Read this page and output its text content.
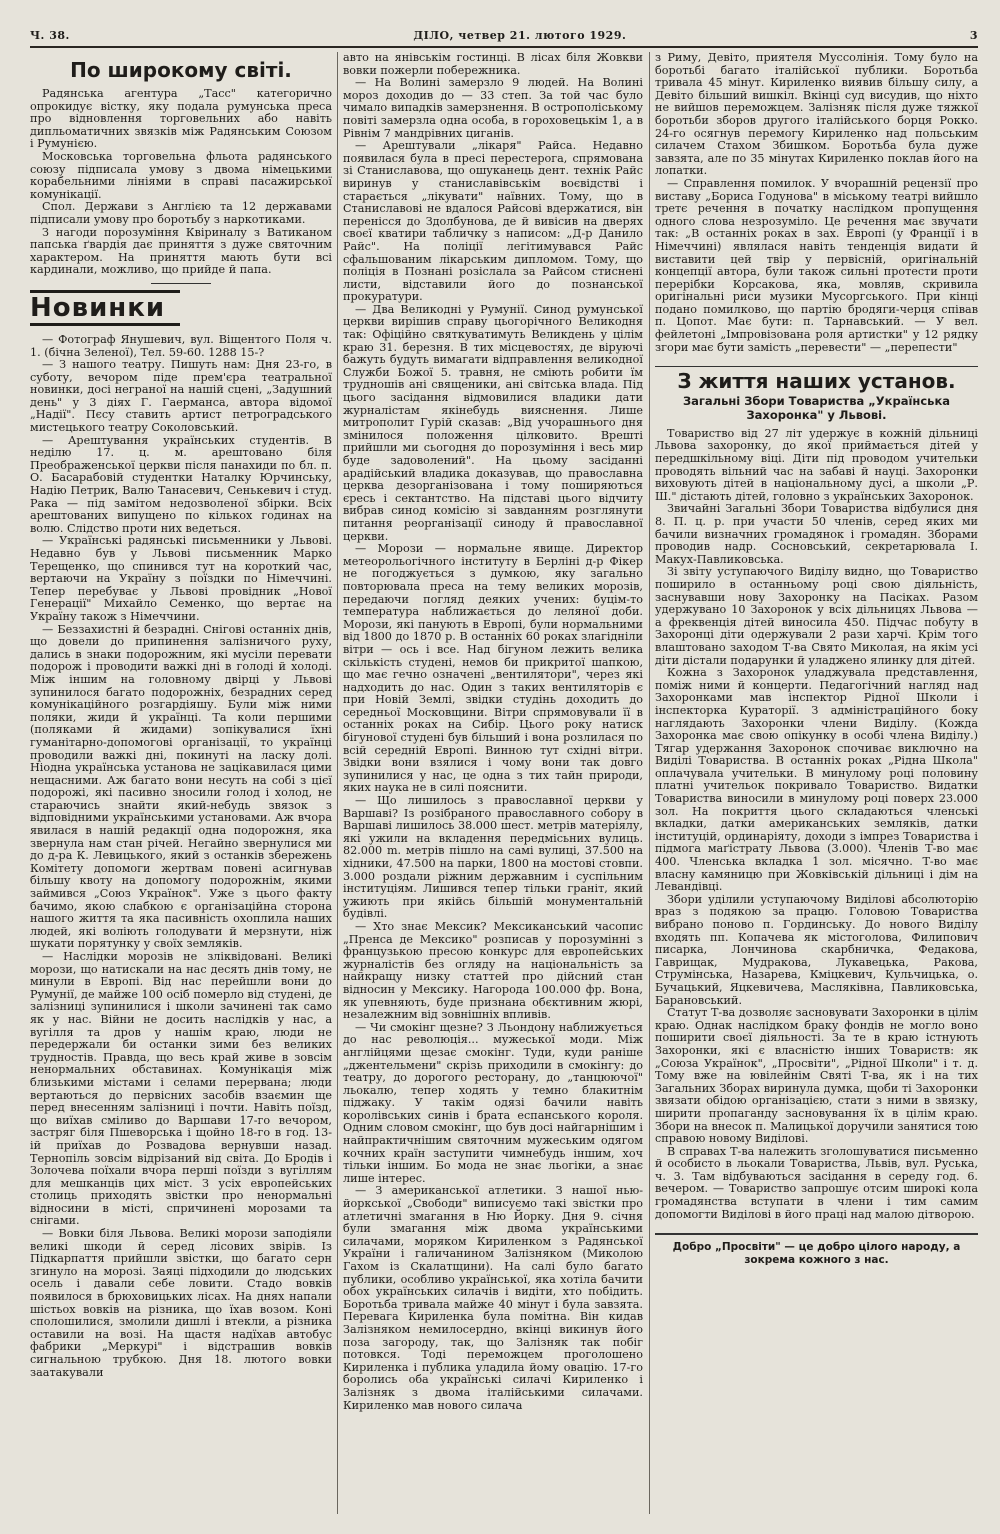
Ч. 38.	ДІЛО, четвер 21. лютого 1929.	3
По широкому світі.

Радянська агентура „Тасс" категорично опрокидує вістку, яку подала румунська преса про відновлення торговельних або навіть дипльоматичних звязків між Радянським Союзом і Румунією.

Московська торговельна фльота радянського союзу підписала умову з двома німецькими корабельними лініями в справі пасажирської комунікації.

Спол. Держави з Англією та 12 державами підписали умову про боротьбу з наркотиками.

З нагоди порозуміння Квіриналу з Ватиканом папська ґвардія дає приняття з дуже святочним характером. На приняття мають бути всі кардинали, можливо, що прийде й папа.

Новинки

— Фотограф Янушевич, вул. Віщентого Поля ч. 1. (бічна Зеленої), Тел. 59-60. 1288 15-?

— З нашого театру. Пишуть нам: Дня 23-го, в суботу, вечором піде прем'єра театральної новинки, досі неграної на нашій сцені, „Задушний день" у 3 діях Г. Гаерманса, автора відомої „Надії". Пєсу ставить артист петроградського мистецького театру Соколовський.

— Арештування українських студентів. В неділю 17. ц. м. арештовано біля Преображенської церкви після панахиди по бл. п. О. Басарабовій студентки Наталку Юрчинську, Надію Петрик, Валю Танасевич, Сенькевич і студ. Рака — під замітом недозволеної збірки. Всіх арештованих випущено по кількох годинах на волю. Слідство проти них ведеться.

— Українські радянські письменники у Львові. Недавно був у Львові письменник Марко Терещенко, що спинився тут на короткий час, вертаючи на Україну з поїздки по Німеччині. Тепер перебуває у Львові провідник „Нової Генерації" Михайло Семенко, що вертає на Україну також з Німеччини.

— Беззахистні й безрадні. Снігові останніх днів, що довели до припинення залізничого руху, дались в знаки подорожним, які мусіли перевати подорож і проводити важкі дні в голоді й холоді. Між іншим на головному двірці у Львові зупинилося багато подорожніх, безрадних серед комунікаційного розгардіяшу. Були між ними поляки, жиди й українці. Та коли першими (поляками й жидами) зопікувалися їхні гуманітарно-допомогові організації, то українці проводили важкі дні, покинуті на ласку долі. Ніодна українська установа не зацікавилася цими нещасними. Аж багато вони несуть на собі з цієї подорожі, які пасивно зносили голод і холод, не стараючись знайти який-небудь звязок з відповідними українськими установами. Аж вчора явилася в нашій редакції одна подорожня, яка звернула нам стан річей. Негайно звернулися ми до д-ра К. Левицького, який з останків збережень Комітету допомоги жертвам повені асигнував більшу квоту на допомогу подорожнім, якими займився „Союз Українок". Уже з цього факту бачимо, якою слабкою є організаційна сторона нашого життя та яка пасивність охоплила наших людей, які воліють голодувати й мерзнути, ніж шукати порятунку у своїх земляків.

— Наслідки морозів не зліквідовані. Великі морози, що натискали на нас десять днів тому, не минули в Европі. Від нас перейшли вони до Румунії, де майже 100 осіб померло від студені, де залізниці зупинилися і школи зачинені так само як у нас. Війни не досить наслідків у нас, а вугілля та дров у нашім краю, люди не передержали би останки зими без великих трудностів. Правда, що весь край живе в зовсім ненормальних обставинах. Комунікація між близькими містами і селами перервана; люди вертаються до первісних засобів взаємин ще перед внесенням залізниці і почти. Навіть поїзд, що виїхав сміливо до Варшави 17-го вечором, застряг біля Пшеворська і щойно 18-го в год. 13-ій приїхав до Розвадова вернувши назад. Тернопіль зовсім відрізаний від світа. До Бродів і Золочева поїхали вчора перші поїзди з вугіллям для мешканців цих міст. З усіх европейських столиць приходять звістки про ненормальні відносини в місті, спричинені морозами та снігами.

— Вовки біля Львова. Великі морози заподіяли великі шкоди й серед лісових звірів. Із Підкарпаття прийшли звістки, що багато серн згинуло на морозі. Заяці підходили до людських осель і давали себе ловити. Стадо вовків появилося в брюховицьких лісах. На днях напали шістьох вовків на різника, що їхав возом. Коні сполошилися, змолили дишлі і втекли, а різника оставили на возі. На щастя надїхав автобус фабрики „Меркурі" і відстрашив вовків сигнальною трубкою. Дня 18. лютого вовки заатакували

авто на янівськім гостинці. В лісах біля Жовкви вовки пожерли побережника.

— На Волині замерзло 9 людей. На Волині мороз доходив до — 33 степ. За той час було чимало випадків замерзнення. В острополіському повіті замерзла одна особа, в гороховецькім 1, а в Рівнім 7 мандрівних циганів.

— Арештували „лікаря" Райса. Недавно появилася була в пресі перестерога, спрямована зі Станиславова, що ошуканець дент. технік Райс виринув у станиславівськім воєвідстві і старається „лікувати" наївних. Тому, що в Станиславові не вдалося Райсові вдержатися, він перенісся до Здолбунова, де й вивісив на дверях своєї кватири табличку з написом: „Д-р Данило Райс". На поліції легітимувався Райс сфальшованим лікарським дипломом. Тому, що поліція в Познані розіслала за Райсом стиснені листи, відставили його до познанської прокуратури.

— Два Великодні у Румунії. Синод румунської церкви вирішив справу цьогорічного Великодня так: Офіційно святкуватимуть Великдень у цілім краю 31. березня. В тих місцевостях, де віруючі бажуть будуть вимагати відправлення великодної Служби Божої 5. травня, не сміють робити їм трудношів ані священики, ані світська влада. Під цього засідання відмовилися владики дати журналістам якінебудь вияснення. Лише митрополит Гурій сказав: „Від учорашнього дня змінилося положення цілковито. Врешті прийшли ми сьогодня до порозуміння і весь мир буде задоволений". На цьому засіданні арадійський владика доказував, що православна церква дезорганізована і тому поширяються єресь і сектантство. На підставі цього відчиту вибрав синод комісію зі завданням розглянути питання реорганізації синоду й православної церкви.

— Морози — нормальне явище. Директор метеорольогічного інституту в Берліні д-р Фікер не погоджується з думкою, яку загально повторювала преса на тему великих морозів, передаючи погляд деяких учених: буцім-то температура наближається до леляної доби. Морози, які панують в Европі, були нормальними від 1800 до 1870 р. В останніх 60 роках злагідніли вітри — ось і все. Над бігуном лежить велика скількість студені, немов би прикритої шапкою, що має гечно означені „вентилятори", через які надходить до нас. Один з таких вентиляторів є при Новій Землі, звідки студінь доходить до середньої Московщини. Вітри спрямовували її в останніх роках на Сибір. Цього року натиск бігунової студені був більший і вона розлилася по всій середній Европі. Винною тут східні вітри. Звідки вони взялися і чому вони так довго зупинилися у нас, це одна з тих тайн природи, яких наука не в силі пояснити.

— Що лишилось з православної церкви у Варшаві? Із розібраного православного собору в Варшаві лишилось 38.000 шест. метрів матеріялу, які ужили на вкладення передмісьних вулиць. 82.000 m. метрів пішло на самі вулиці, 37.500 на хідники, 47.500 на парки, 1800 на мостові стовпи. 3.000 роздали ріжним державним і суспільним інституціям. Лишився тепер тільки граніт, який ужиють при якійсь більшій монументальній будівлі.

— Хто знає Мексик? Мексиканський часопис „Пренса де Мексико" розписав у порозумінні з французькою пресою конкурс для европейських журналістів без огляду на національність за найкращу низку статтей про дійсний стан відносин у Мексику. Нагорода 100.000 фр. Вона, як упевняють, буде признана обєктивним жюрі, незалежним від зовнішніх впливів.

— Чи смокінг щезне? З Льондону наближується до нас революція... мужеської моди. Між англійцями щезає смокінг. Туди, куди раніше „джентельмени" скрізь приходили в смокінгу: до театру, до дорогого ресторану, до „танцюючої" льокалю, тепер ходять у темно блакитнім піджаку. У такім одязі бачили навіть королівських синів і брата еспанського короля. Одним словом смокінг, що був досі найгарнішим і найпрактичнішим святочним мужеським одягом кочних країн заступити чимнебудь іншим, хоч тільки іншим. Бо мода не знає льогіки, а знає лише інтерес.

— З американської атлетики. З нашої нью-йоркської „Свободи" виписуємо такі звістки про атлетичні змагання в Ню Йорку. Дня 9. січня були змагання між двома українськими силачами, моряком Кириленком з Радянської України і галичанином Залізняком (Миколою Гахом із Скалатщини). На салі було багато публики, особливо української, яка хотіла бачити обох українських силачів і видіти, хто побідить. Боротьба тривала майже 40 мінут і була завзята. Перевага Кириленка була помітна. Він кидав Залізняком немилосердно, вкінці викинув його поза загороду, так, що Залізняк так побіг потовкся. Тоді переможцем проголошено Кириленка і публика уладила йому овацію. 17-го боролись оба українські силачі Кириленко і Залізняк з двома італійськими силачами. Кириленко мав нового силача

з Риму, Девіто, приятеля Муссолінія. Тому було на боротьбі багато італійської публики. Боротьба тривала 45 мінут. Кириленко виявив більшу силу, а Девіто більший вишкіл. Вкінці суд висудив, що ніхто не вийшов переможцем. Залізняк після дуже тяжкої боротьби зборов другого італійського борця Рокко. 24-го осягнув перемогу Кириленко над польським силачем Стахом Збишком. Боротьба була дуже завзята, але по 35 мінутах Кириленко поклав його на лопатки.

— Справлення помилок. У вчорашній рецензії про виставу „Бориса Годунова" в міському театрі вийшло третє речення в початку наслідком пропущення одного слова незрозуміло. Це речення має звучати так: „В останніх роках в зах. Европі (у Франції і в Німеччині) являлася навіть тенденція видати й виставити цей твір у первісній, оригінальній концепції автора, були також сильні протести проти перерібки Корсакова, яка, мовляв, скривила оригінальні риси музики Мусоргського. При кінці подано помилково, що партію бродяги-черця співав п. Цопот. Має бути: п. Тарнавський. — У вел. фейлетоні „Імпровізована роля артистки" у 12 рядку згори має бути замість „перевести" — „перепести"

З життя наших установ.
Загальні Збори Товариства „Українська Захоронка" у Львові.

Товариство від 27 літ удержує в кожній дільниці Львова захоронку, до якої приймається дітей у передшкільному віці. Діти під проводом учительки проводять вільний час на забаві й науці. Захоронки виховують дітей в національному дусі, а школи „Р. Ш." дістають дітей, головно з українських Захоронок.

Звичайні Загальні Збори Товариства відбулися дня 8. П. ц. р. при участи 50 членів, серед яких ми бачили визначних громадянок і громадян. Зборами проводив надр. Сосновський, секретарювала І. Макух-Павликовська.

Зі звіту уступаючого Виділу видно, що Товариство поширило в останньому році свою діяльність, заснувавши нову Захоронку на Пасіках. Разом удержувано 10 Захоронок у всіх дільницях Львова — а фреквенція дітей виносила 450. Підчас побуту в Захоронці діти одержували 2 рази харчі. Крім того влаштовано заходом Т-ва Свято Миколая, на якім усі діти дістали подарунки й уладжено ялинку для дітей.

Кожна з Захоронок уладжувала представлення, поміж ними й концерти. Педагогічний нагляд над Захоронками мав інспектор Рідної Школи і інспекторка Кураторії. З адміністраційного боку наглядають Захоронки члени Виділу. (Кожда Захоронка має свою опікунку в особі члена Виділу.) Тягар удержання Захоронок спочиває виключно на Виділі Товариства. В останніх роках „Рідна Школа" оплачувала учительки. В минулому році половину платні учительок покривало Товариство. Видатки Товариства виносили в минулому році поверх 23.000 зол. На покриття цього складаються членські вкладки, датки американських земляків, датки інституцій, ординаріяту, доходи з імпрез Товариства і підмога маґістрату Львова (3.000). Членів Т-во має 400. Членська вкладка 1 зол. місячно. Т-во має власну камяницю при Жовківській дільниці і дім на Левандівці.

Збори уділили уступаючому Виділові абсолюторію враз з подякою за працю. Головою Товариства вибрано поново п. Гординську. До нового Виділу входять пп. Копачева як містоголова, Филипович писарка, Лончинова скарбничка, Федакова, Гаврищак, Мудракова, Лукавецька, Ракова, Струмінська, Назарева, Кміцкевич, Кульчицька, о. Бучацький, Яцкевичева, Масляківна, Павликовська, Барановський.

Статут Т-ва дозволяє засновувати Захоронки в цілім краю. Однак наслідком браку фондів не могло воно поширити своєї діяльності. За те в краю істнують Захоронки, які є власністю інших Товариств: як „Союза Українок", „Просвіти", „Рідної Школи" і т. д. Тому вже на ювілейнім Святі Т-ва, як і на тих Загальних Зборах виринула думка, щоби ті Захоронки звязати обідою організацією, стати з ними в звязку, ширити пропаганду засновування їх в цілім краю. Збори на внесок п. Малицької доручили занятися тою справою новому Виділові.

В справах Т-ва належить зголошуватися письменно й особисто в льокали Товариства, Львів, вул. Руська, ч. 3. Там відбуваються засідання в середу год. 6. вечером. — Товариство запрошує отсим широкі кола громадянства вступати в члени і тим самим допомогти Виділові в його праці над малою дітворою.

Добро „Просвіти" — це добро цілого народу, а зокрема кожного з нас.
